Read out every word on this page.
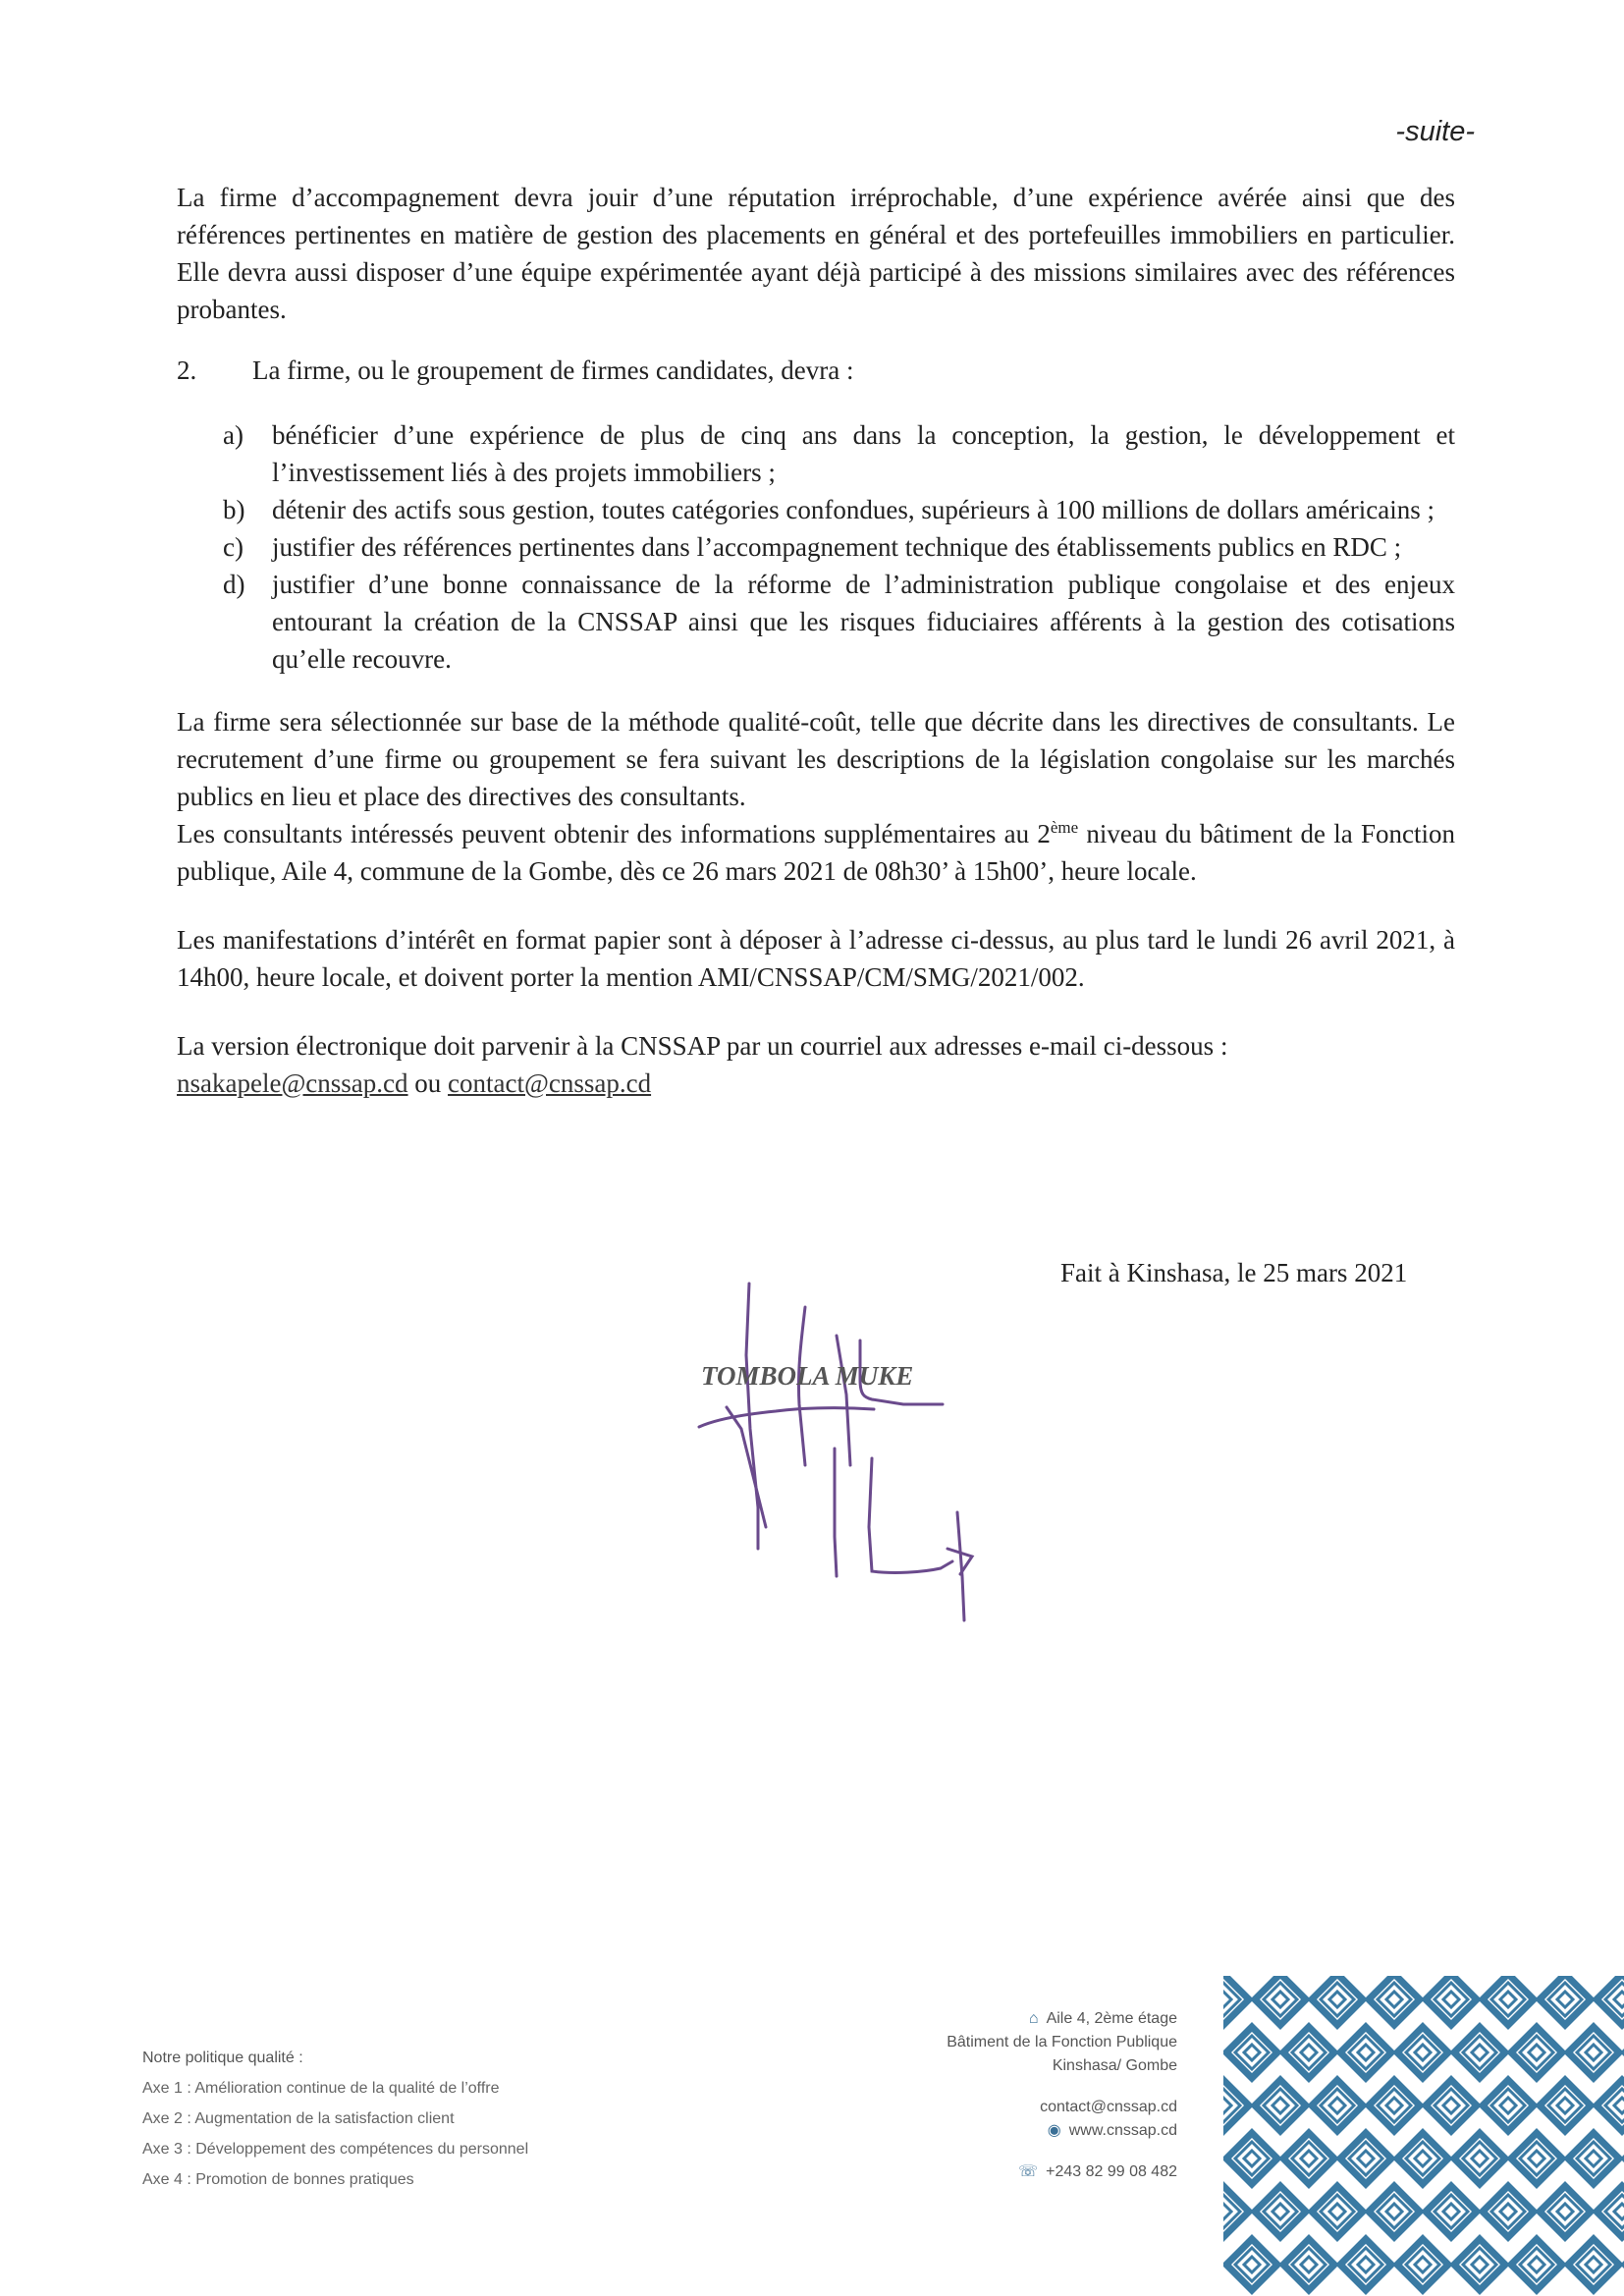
-suite-

La firme d’accompagnement devra jouir d’une réputation irréprochable, d’une expérience avérée ainsi que des références pertinentes en matière de gestion des placements en général et des portefeuilles immobiliers en particulier. Elle devra aussi disposer d’une équipe expérimentée ayant déjà participé à des missions similaires avec des références probantes.

2.	La firme, ou le groupement de firmes candidates, devra :
a)	bénéficier d’une expérience de plus de cinq ans dans la conception, la gestion, le développement et l’investissement liés à des projets immobiliers ;
b)	détenir des actifs sous gestion, toutes catégories confondues, supérieurs à 100 millions de dollars américains ;
c)	justifier des références pertinentes dans l’accompagnement technique des établissements publics en RDC ;
d)	justifier d’une bonne connaissance de la réforme de l’administration publique congolaise et des enjeux entourant la création de la CNSSAP ainsi que les risques fiduciaires afférents à la gestion des cotisations qu’elle recouvre.

La firme sera sélectionnée sur base de la méthode qualité-coût, telle que décrite dans les directives de consultants. Le recrutement d’une firme ou groupement se fera suivant les descriptions de la législation congolaise sur les marchés publics en lieu et place des directives des consultants.

Les consultants intéressés peuvent obtenir des informations supplémentaires au 2ème niveau du bâtiment de la Fonction publique, Aile 4, commune de la Gombe, dès ce 26 mars 2021 de 08h30’ à 15h00’, heure locale.

Les manifestations d’intérêt en format papier sont à déposer à l’adresse ci-dessus, au plus tard le lundi 26 avril 2021, à 14h00, heure locale, et doivent porter la mention AMI/CNSSAP/CM/SMG/2021/002.

La version électronique doit parvenir à la CNSSAP par un courriel aux adresses e-mail ci-dessous :

nsakapele@cnssap.cd ou contact@cnssap.cd

Fait à Kinshasa, le 25 mars 2021
TOMBOLA MUKE
Notre politique qualité :
Axe 1 : Amélioration continue de la qualité de l’offre
Axe 2 : Augmentation de la satisfaction client
Axe 3 : Développement des compétences du personnel
Axe 4 : Promotion de bonnes pratiques
⌂ Aile 4, 2ème étage
Bâtiment de la Fonction Publique
Kinshasa/ Gombe
contact@cnssap.cd
◉ www.cnssap.cd
☏ +243 82 99 08 482
